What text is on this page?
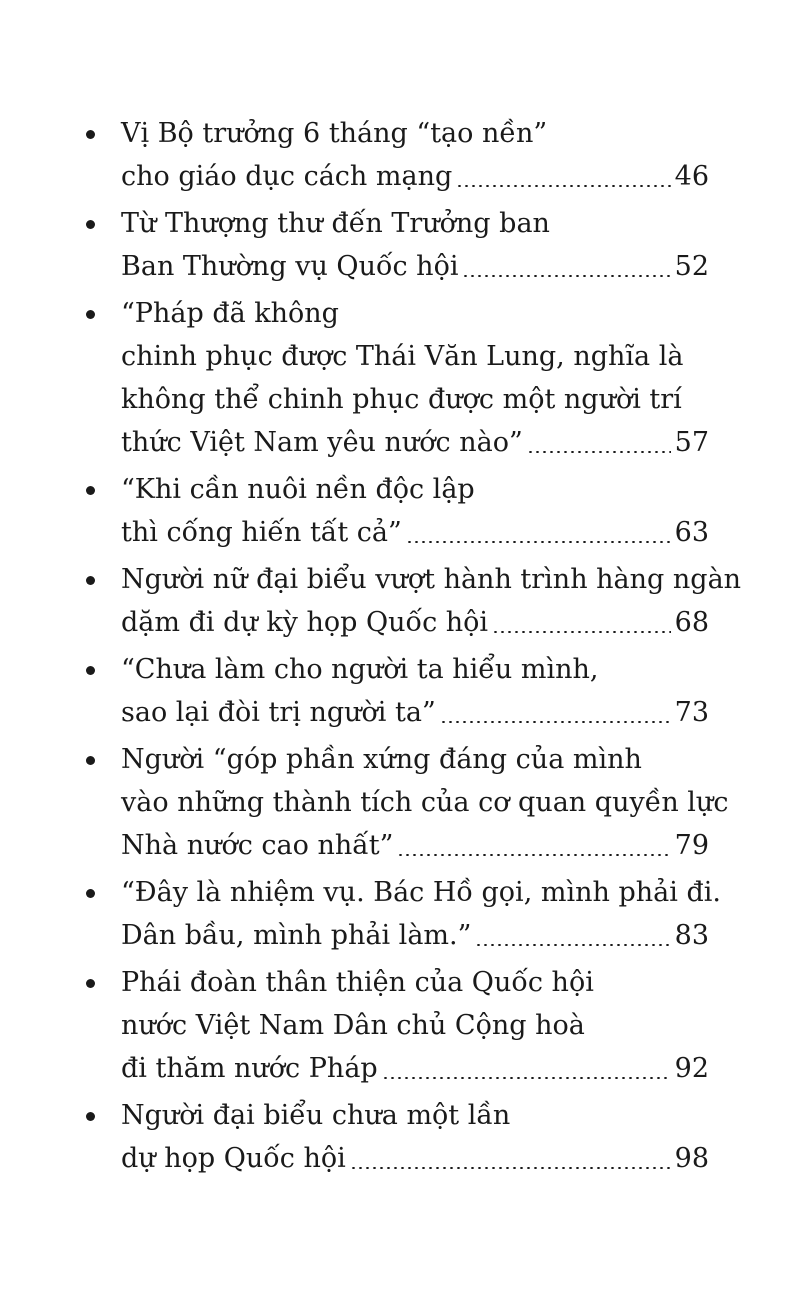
Vị Bộ trưởng 6 tháng “tạo nền”
cho giáo dục cách mạng	46
Từ Thượng thư đến Trưởng ban
Ban Thường vụ Quốc hội	52
“Pháp đã không
chinh phục được Thái Văn Lung, nghĩa là
không thể chinh phục được một người trí
thức Việt Nam yêu nước nào”	57
“Khi cần nuôi nền độc lập
thì cống hiến tất cả”	63
Người nữ đại biểu vượt hành trình hàng ngàn
dặm đi dự kỳ họp Quốc hội	68
“Chưa làm cho người ta hiểu mình,
sao lại đòi trị người ta”	73
Người “góp phần xứng đáng của mình
vào những thành tích của cơ quan quyền lực
Nhà nước cao nhất”	79
“Đây là nhiệm vụ. Bác Hồ gọi, mình phải đi.
Dân bầu, mình phải làm.”	83
Phái đoàn thân thiện của Quốc hội
nước Việt Nam Dân chủ Cộng hoà
đi thăm nước Pháp	92
Người đại biểu chưa một lần
dự họp Quốc hội	98
